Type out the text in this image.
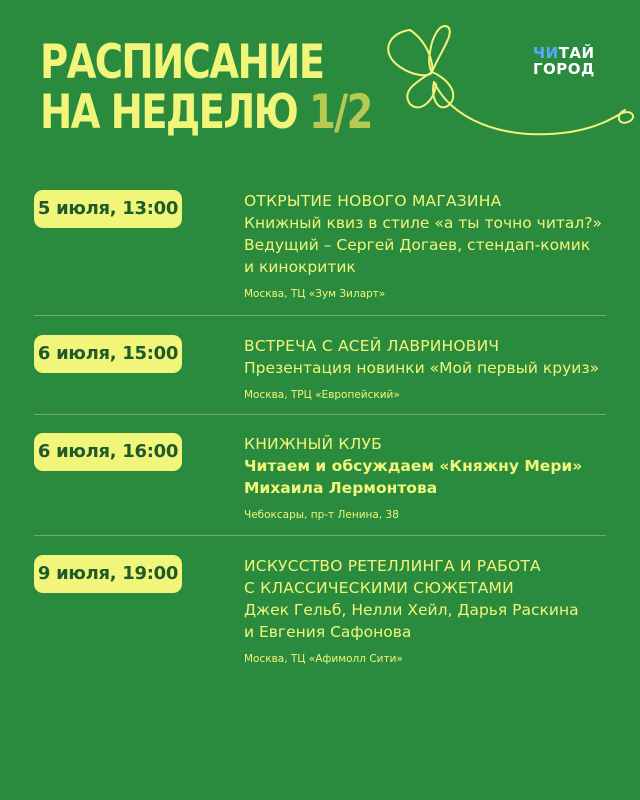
РАСПИСАНИЕ
НА НЕДЕЛЮ 1/2
ЧИТАЙ
ГОРОД
5 июля, 13:00	ОТКРЫТИЕ НОВОГО МАГАЗИНА
Книжный квиз в стиле «а ты точно читал?»
Ведущий – Сергей Догаев, стендап-комик
и кинокритик
Москва, ТЦ «Зум Зиларт»
6 июля, 15:00	ВСТРЕЧА С АСЕЙ ЛАВРИНОВИЧ
Презентация новинки «Мой первый круиз»
Москва, ТРЦ «Европейский»
6 июля, 16:00	КНИЖНЫЙ КЛУБ
Читаем и обсуждаем «Княжну Мери»
Михаила Лермонтова
Чебоксары, пр-т Ленина, 38
9 июля, 19:00	ИСКУССТВО РЕТЕЛЛИНГА И РАБОТА
С КЛАССИЧЕСКИМИ СЮЖЕТАМИ
Джек Гельб, Нелли Хейл, Дарья Раскина
и Евгения Сафонова
Москва, ТЦ «Афимолл Сити»
